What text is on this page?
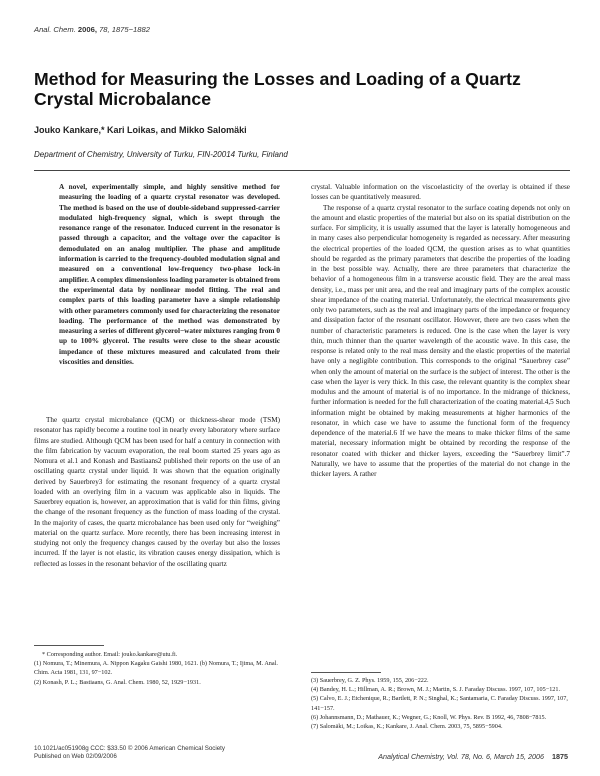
Anal. Chem. 2006, 78, 1875−1882
Method for Measuring the Losses and Loading of a Quartz Crystal Microbalance
Jouko Kankare,* Kari Loikas, and Mikko Salomäki
Department of Chemistry, University of Turku, FIN-20014 Turku, Finland

A novel, experimentally simple, and highly sensitive method for measuring the loading of a quartz crystal resonator was developed. The method is based on the use of double-sideband suppressed-carrier modulated high-frequency signal, which is swept through the resonance range of the resonator. Induced current in the resonator is passed through a capacitor, and the voltage over the capacitor is demodulated on an analog multiplier. The phase and amplitude information is carried to the frequency-doubled modulation signal and measured on a conventional low-frequency two-phase lock-in amplifier. A complex dimensionless loading parameter is obtained from the experimental data by nonlinear model fitting. The real and complex parts of this loading parameter have a simple relationship with other parameters commonly used for characterizing the resonator loading. The performance of the method was demonstrated by measuring a series of different glycerol−water mixtures ranging from 0 up to 100% glycerol. The results were close to the shear acoustic impedance of these mixtures measured and calculated from their viscosities and densities.

The quartz crystal microbalance (QCM) or thickness-shear mode (TSM) resonator has rapidly become a routine tool in nearly every laboratory where surface films are studied. Although QCM has been used for half a century in connection with the film fabrication by vacuum evaporation, the real boom started 25 years ago as Nomura et al.1 and Konash and Bastiaans2 published their reports on the use of an oscillating quartz crystal under liquid. It was shown that the equation originally derived by Sauerbrey3 for estimating the resonant frequency of a quartz crystal loaded with an overlying film in a vacuum was applicable also in liquids. The Sauerbrey equation is, however, an approximation that is valid for thin films, giving the change of the resonant frequency as the function of mass loading of the crystal. In the majority of cases, the quartz microbalance has been used only for “weighing” material on the quartz surface. More recently, there has been increasing interest in studying not only the frequency changes caused by the overlay but also the losses incurred. If the layer is not elastic, its vibration causes energy dissipation, which is reflected as losses in the resonant behavior of the oscillating quartz

crystal. Valuable information on the viscoelasticity of the overlay is obtained if these losses can be quantitatively measured.

The response of a quartz crystal resonator to the surface coating depends not only on the amount and elastic properties of the material but also on its spatial distribution on the surface. For simplicity, it is usually assumed that the layer is laterally homogeneous and in many cases also perpendicular homogeneity is regarded as necessary. After measuring the electrical properties of the loaded QCM, the question arises as to what quantities should be regarded as the primary parameters that describe the properties of the loading in the best possible way. Actually, there are three parameters that characterize the behavior of a homogeneous film in a transverse acoustic field. They are the areal mass density, i.e., mass per unit area, and the real and imaginary parts of the complex acoustic shear impedance of the coating material. Unfortunately, the electrical measurements give only two parameters, such as the real and imaginary parts of the impedance or frequency and dissipation factor of the resonant oscillator. However, there are two cases when the number of characteristic parameters is reduced. One is the case when the layer is very thin, much thinner than the quarter wavelength of the acoustic wave. In this case, the response is related only to the real mass density and the elastic properties of the material have only a negligible contribution. This corresponds to the original “Sauerbrey case” when only the amount of material on the surface is the subject of interest. The other is the case when the layer is very thick. In this case, the relevant quantity is the complex shear modulus and the amount of material is of no importance. In the midrange of thickness, further information is needed for the full characterization of the coating material.4,5 Such information might be obtained by making measurements at higher harmonics of the resonator, in which case we have to assume the functional form of the frequency dependence of the material.6 If we have the means to make thicker films of the same material, necessary information might be obtained by recording the response of the resonator coated with thicker and thicker layers, exceeding the “Sauerbrey limit”.7 Naturally, we have to assume that the properties of the material do not change in the thicker layers. A rather

* Corresponding author. Email: jouko.kankare@utu.fi.
(1) Nomura, T.; Minemura, A. Nippon Kagaku Gaishi 1980, 1621. (b) Nomura, T.; Ijima, M. Anal. Chim. Acta 1981, 131, 97−102.
(2) Konash, P. L.; Bastiaans, G. Anal. Chem. 1980, 52, 1929−1931.	(3) Sauerbrey, G. Z. Phys. 1959, 155, 206−222.
(4) Bandey, H. L.; Hillman, A. R.; Brown, M. J.; Martin, S. J. Faraday Discuss. 1997, 107, 105−121.
(5) Calvo, E. J.; Etchenique, R.; Bartlett, P. N.; Singhal, K.; Santamaria, C. Faraday Discuss. 1997, 107, 141−157.
(6) Johannsmann, D.; Mathauer, K.; Wegner, G.; Knoll, W. Phys. Rev. B 1992, 46, 7808−7815.
(7) Salomäki, M.; Loikas, K.; Kankare, J. Anal. Chem. 2003, 75, 5895−5904.
10.1021/ac051908g CCC: $33.50 © 2006 American Chemical Society
Published on Web 02/09/2006	Analytical Chemistry, Vol. 78, No. 6, March 15, 2006 1875
